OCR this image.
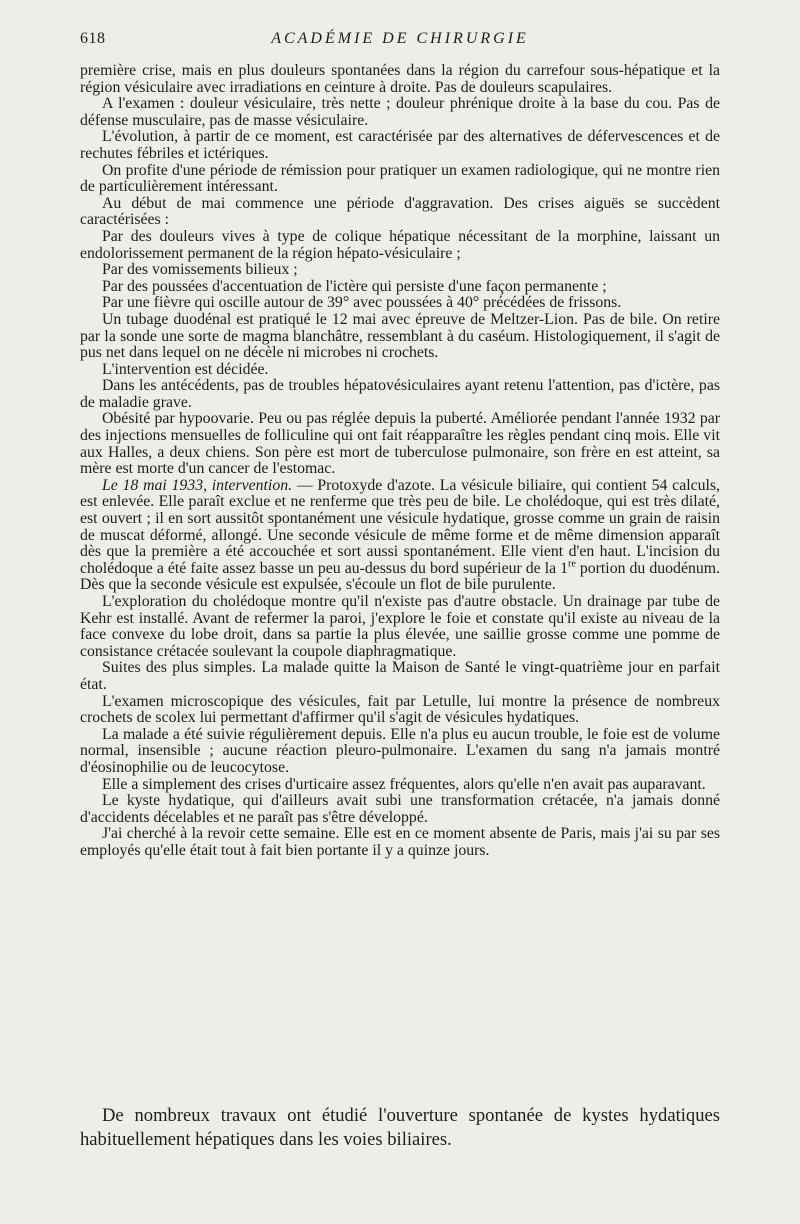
618	ACADÉMIE DE CHIRURGIE

première crise, mais en plus douleurs spontanées dans la région du carrefour sous-hépatique et la région vésiculaire avec irradiations en ceinture à droite. Pas de douleurs scapulaires.

A l'examen : douleur vésiculaire, très nette ; douleur phrénique droite à la base du cou. Pas de défense musculaire, pas de masse vésiculaire.

L'évolution, à partir de ce moment, est caractérisée par des alternatives de défervescences et de rechutes fébriles et ictériques.

On profite d'une période de rémission pour pratiquer un examen radiologique, qui ne montre rien de particulièrement intéressant.

Au début de mai commence une période d'aggravation. Des crises aiguës se succèdent caractérisées :

Par des douleurs vives à type de colique hépatique nécessitant de la morphine, laissant un endolorissement permanent de la région hépato-vésiculaire ;

Par des vomissements bilieux ;

Par des poussées d'accentuation de l'ictère qui persiste d'une façon permanente ;

Par une fièvre qui oscille autour de 39° avec poussées à 40° précédées de frissons.

Un tubage duodénal est pratiqué le 12 mai avec épreuve de Meltzer-Lion. Pas de bile. On retire par la sonde une sorte de magma blanchâtre, ressemblant à du caséum. Histologiquement, il s'agit de pus net dans lequel on ne décèle ni microbes ni crochets.

L'intervention est décidée.

Dans les antécédents, pas de troubles hépatovésiculaires ayant retenu l'attention, pas d'ictère, pas de maladie grave.

Obésité par hypoovarie. Peu ou pas réglée depuis la puberté. Améliorée pendant l'année 1932 par des injections mensuelles de folliculine qui ont fait réapparaître les règles pendant cinq mois. Elle vit aux Halles, a deux chiens. Son père est mort de tuberculose pulmonaire, son frère en est atteint, sa mère est morte d'un cancer de l'estomac.

Le 18 mai 1933, intervention. — Protoxyde d'azote. La vésicule biliaire, qui contient 54 calculs, est enlevée. Elle paraît exclue et ne renferme que très peu de bile. Le cholédoque, qui est très dilaté, est ouvert ; il en sort aussitôt spontanément une vésicule hydatique, grosse comme un grain de raisin de muscat déformé, allongé. Une seconde vésicule de même forme et de même dimension apparaît dès que la première a été accouchée et sort aussi spontanément. Elle vient d'en haut. L'incision du cholédoque a été faite assez basse un peu au-dessus du bord supérieur de la 1re portion du duodénum. Dès que la seconde vésicule est expulsée, s'écoule un flot de bile purulente.

L'exploration du cholédoque montre qu'il n'existe pas d'autre obstacle. Un drainage par tube de Kehr est installé. Avant de refermer la paroi, j'explore le foie et constate qu'il existe au niveau de la face convexe du lobe droit, dans sa partie la plus élevée, une saillie grosse comme une pomme de consistance crétacée soulevant la coupole diaphragmatique.

Suites des plus simples. La malade quitte la Maison de Santé le vingt-quatrième jour en parfait état.

L'examen microscopique des vésicules, fait par Letulle, lui montre la présence de nombreux crochets de scolex lui permettant d'affirmer qu'il s'agit de vésicules hydatiques.

La malade a été suivie régulièrement depuis. Elle n'a plus eu aucun trouble, le foie est de volume normal, insensible ; aucune réaction pleuro-pulmonaire. L'examen du sang n'a jamais montré d'éosinophilie ou de leucocytose.

Elle a simplement des crises d'urticaire assez fréquentes, alors qu'elle n'en avait pas auparavant.

Le kyste hydatique, qui d'ailleurs avait subi une transformation crétacée, n'a jamais donné d'accidents décelables et ne paraît pas s'être développé.

J'ai cherché à la revoir cette semaine. Elle est en ce moment absente de Paris, mais j'ai su par ses employés qu'elle était tout à fait bien portante il y a quinze jours.

De nombreux travaux ont étudié l'ouverture spontanée de kystes hydatiques habituellement hépatiques dans les voies biliaires.
